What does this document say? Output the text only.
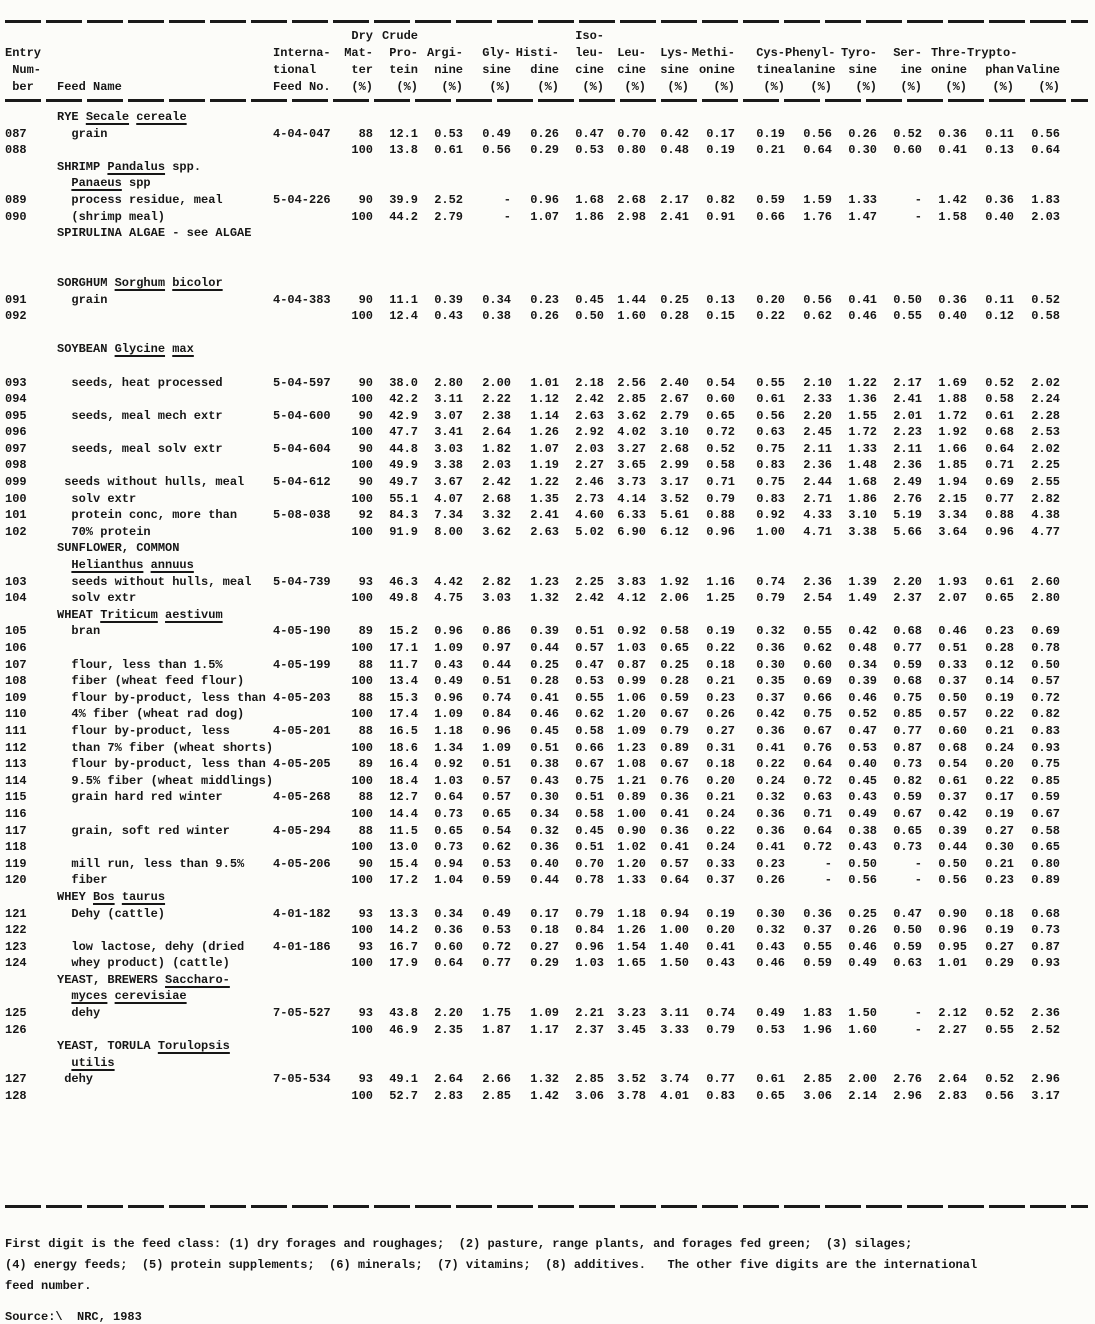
Entry
Num-
ber	Feed Name

Interna-
tional
Feed No.

Dry
Mat-
ter
(%)

Crude
Pro-
tein
(%)

Argi-
nine
(%)

Gly-
sine
(%)

Histi-
dine
(%)

Iso-
leu-
cine
(%)

Leu-
cine
(%)

Lys-
sine
(%)

Methi-
onine
(%)

Cys-
tine
(%)

Phenyl-
alanine
(%)

Tyro-
sine
(%)

Ser-
ine
(%)

Thre-
onine
(%)

Trypto-
phan
(%)

Valine
(%)
	RYE Secale cereale																	
087	grain	4-04-047	88	12.1	0.53	0.49	0.26	0.47	0.70	0.42	0.17	0.19	0.56	0.26	0.52	0.36	0.11	0.56
088			100	13.8	0.61	0.56	0.29	0.53	0.80	0.48	0.19	0.21	0.64	0.30	0.60	0.41	0.13	0.64
	SHRIMP Pandalus spp.																	
	Panaeus spp																	
089	process residue, meal	5-04-226	90	39.9	2.52	-	0.96	1.68	2.68	2.17	0.82	0.59	1.59	1.33	-	1.42	0.36	1.83
090	(shrimp meal)		100	44.2	2.79	-	1.07	1.86	2.98	2.41	0.91	0.66	1.76	1.47	-	1.58	0.40	2.03
	SPIRULINA ALGAE - see ALGAE																	

	SORGHUM Sorghum bicolor																	
091	grain	4-04-383	90	11.1	0.39	0.34	0.23	0.45	1.44	0.25	0.13	0.20	0.56	0.41	0.50	0.36	0.11	0.52
092			100	12.4	0.43	0.38	0.26	0.50	1.60	0.28	0.15	0.22	0.62	0.46	0.55	0.40	0.12	0.58

	SOYBEAN Glycine max																	

093	seeds, heat processed	5-04-597	90	38.0	2.80	2.00	1.01	2.18	2.56	2.40	0.54	0.55	2.10	1.22	2.17	1.69	0.52	2.02
094			100	42.2	3.11	2.22	1.12	2.42	2.85	2.67	0.60	0.61	2.33	1.36	2.41	1.88	0.58	2.24
095	seeds, meal mech extr	5-04-600	90	42.9	3.07	2.38	1.14	2.63	3.62	2.79	0.65	0.56	2.20	1.55	2.01	1.72	0.61	2.28
096			100	47.7	3.41	2.64	1.26	2.92	4.02	3.10	0.72	0.63	2.45	1.72	2.23	1.92	0.68	2.53
097	seeds, meal solv extr	5-04-604	90	44.8	3.03	1.82	1.07	2.03	3.27	2.68	0.52	0.75	2.11	1.33	2.11	1.66	0.64	2.02
098			100	49.9	3.38	2.03	1.19	2.27	3.65	2.99	0.58	0.83	2.36	1.48	2.36	1.85	0.71	2.25
099	seeds without hulls, meal	5-04-612	90	49.7	3.67	2.42	1.22	2.46	3.73	3.17	0.71	0.75	2.44	1.68	2.49	1.94	0.69	2.55
100	solv extr		100	55.1	4.07	2.68	1.35	2.73	4.14	3.52	0.79	0.83	2.71	1.86	2.76	2.15	0.77	2.82
101	protein conc, more than	5-08-038	92	84.3	7.34	3.32	2.41	4.60	6.33	5.61	0.88	0.92	4.33	3.10	5.19	3.34	0.88	4.38
102	70% protein		100	91.9	8.00	3.62	2.63	5.02	6.90	6.12	0.96	1.00	4.71	3.38	5.66	3.64	0.96	4.77
	SUNFLOWER, COMMON																	
	Helianthus annuus																	
103	seeds without hulls, meal	5-04-739	93	46.3	4.42	2.82	1.23	2.25	3.83	1.92	1.16	0.74	2.36	1.39	2.20	1.93	0.61	2.60
104	solv extr		100	49.8	4.75	3.03	1.32	2.42	4.12	2.06	1.25	0.79	2.54	1.49	2.37	2.07	0.65	2.80
	WHEAT Triticum aestivum																	
105	bran	4-05-190	89	15.2	0.96	0.86	0.39	0.51	0.92	0.58	0.19	0.32	0.55	0.42	0.68	0.46	0.23	0.69
106			100	17.1	1.09	0.97	0.44	0.57	1.03	0.65	0.22	0.36	0.62	0.48	0.77	0.51	0.28	0.78
107	flour, less than 1.5%	4-05-199	88	11.7	0.43	0.44	0.25	0.47	0.87	0.25	0.18	0.30	0.60	0.34	0.59	0.33	0.12	0.50
108	fiber (wheat feed flour)		100	13.4	0.49	0.51	0.28	0.53	0.99	0.28	0.21	0.35	0.69	0.39	0.68	0.37	0.14	0.57
109	flour by-product, less than	4-05-203	88	15.3	0.96	0.74	0.41	0.55	1.06	0.59	0.23	0.37	0.66	0.46	0.75	0.50	0.19	0.72
110	4% fiber (wheat rad dog)		100	17.4	1.09	0.84	0.46	0.62	1.20	0.67	0.26	0.42	0.75	0.52	0.85	0.57	0.22	0.82
111	flour by-product, less	4-05-201	88	16.5	1.18	0.96	0.45	0.58	1.09	0.79	0.27	0.36	0.67	0.47	0.77	0.60	0.21	0.83
112	than 7% fiber (wheat shorts)		100	18.6	1.34	1.09	0.51	0.66	1.23	0.89	0.31	0.41	0.76	0.53	0.87	0.68	0.24	0.93
113	flour by-product, less than	4-05-205	89	16.4	0.92	0.51	0.38	0.67	1.08	0.67	0.18	0.22	0.64	0.40	0.73	0.54	0.20	0.75
114	9.5% fiber (wheat middlings)		100	18.4	1.03	0.57	0.43	0.75	1.21	0.76	0.20	0.24	0.72	0.45	0.82	0.61	0.22	0.85
115	grain hard red winter	4-05-268	88	12.7	0.64	0.57	0.30	0.51	0.89	0.36	0.21	0.32	0.63	0.43	0.59	0.37	0.17	0.59
116			100	14.4	0.73	0.65	0.34	0.58	1.00	0.41	0.24	0.36	0.71	0.49	0.67	0.42	0.19	0.67
117	grain, soft red winter	4-05-294	88	11.5	0.65	0.54	0.32	0.45	0.90	0.36	0.22	0.36	0.64	0.38	0.65	0.39	0.27	0.58
118			100	13.0	0.73	0.62	0.36	0.51	1.02	0.41	0.24	0.41	0.72	0.43	0.73	0.44	0.30	0.65
119	mill run, less than 9.5%	4-05-206	90	15.4	0.94	0.53	0.40	0.70	1.20	0.57	0.33	0.23	-	0.50	-	0.50	0.21	0.80
120	fiber		100	17.2	1.04	0.59	0.44	0.78	1.33	0.64	0.37	0.26	-	0.56	-	0.56	0.23	0.89
	WHEY Bos taurus																	
121	Dehy (cattle)	4-01-182	93	13.3	0.34	0.49	0.17	0.79	1.18	0.94	0.19	0.30	0.36	0.25	0.47	0.90	0.18	0.68
122			100	14.2	0.36	0.53	0.18	0.84	1.26	1.00	0.20	0.32	0.37	0.26	0.50	0.96	0.19	0.73
123	low lactose, dehy (dried	4-01-186	93	16.7	0.60	0.72	0.27	0.96	1.54	1.40	0.41	0.43	0.55	0.46	0.59	0.95	0.27	0.87
124	whey product) (cattle)		100	17.9	0.64	0.77	0.29	1.03	1.65	1.50	0.43	0.46	0.59	0.49	0.63	1.01	0.29	0.93
	YEAST, BREWERS Saccharo-																	
	myces cerevisiae																	
125	dehy	7-05-527	93	43.8	2.20	1.75	1.09	2.21	3.23	3.11	0.74	0.49	1.83	1.50	-	2.12	0.52	2.36
126			100	46.9	2.35	1.87	1.17	2.37	3.45	3.33	0.79	0.53	1.96	1.60	-	2.27	0.55	2.52
	YEAST, TORULA Torulopsis																	
	utilis																	
127	dehy	7-05-534	93	49.1	2.64	2.66	1.32	2.85	3.52	3.74	0.77	0.61	2.85	2.00	2.76	2.64	0.52	2.96
128			100	52.7	2.83	2.85	1.42	3.06	3.78	4.01	0.83	0.65	3.06	2.14	2.96	2.83	0.56	3.17
First digit is the feed class: (1) dry forages and roughages;  (2) pasture, range plants, and forages fed green;  (3) silages;
(4) energy feeds;  (5) protein supplements;  (6) minerals;  (7) vitamins;  (8) additives.   The other five digits are the international
feed number.
Source:\  NRC, 1983
